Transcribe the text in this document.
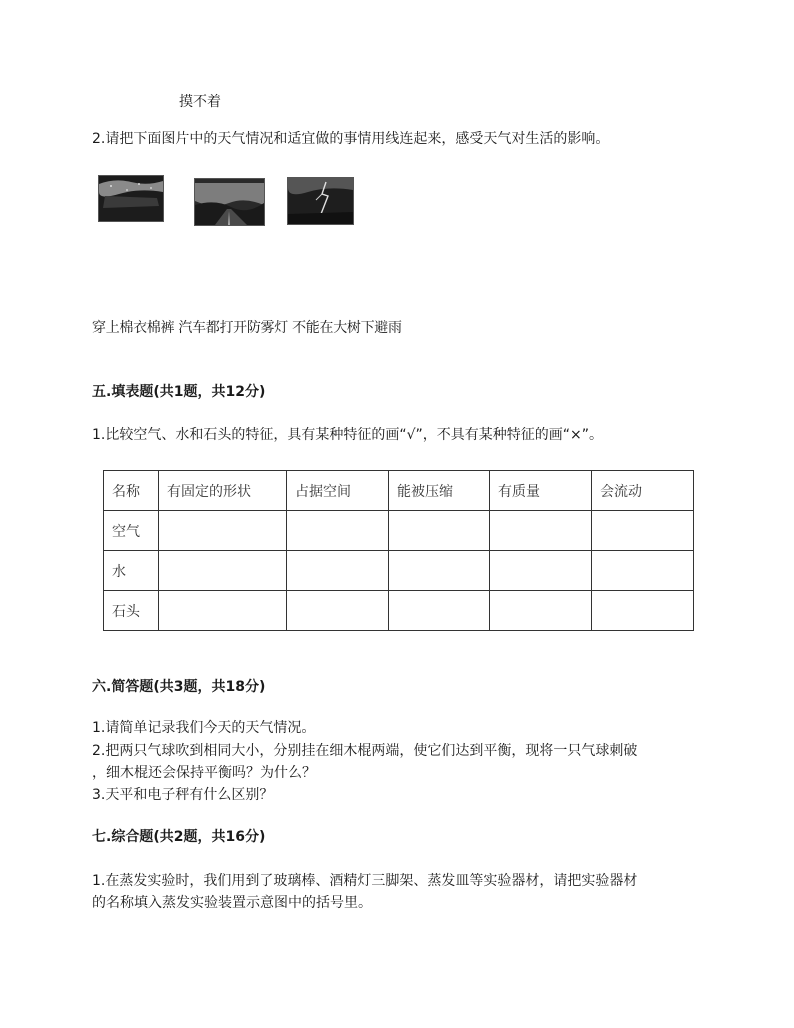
摸不着
2.请把下面图片中的天气情况和适宜做的事情用线连起来，感受天气对生活的影响。
穿上棉衣棉裤 汽车都打开防雾灯 不能在大树下避雨
五.填表题(共1题，共12分)
1.比较空气、水和石头的特征，具有某种特征的画“√”，不具有某种特征的画“×”。
名称	有固定的形状	占据空间	能被压缩	有质量	会流动
空气					
水					
石头					
六.简答题(共3题，共18分)
1.请简单记录我们今天的天气情况。
2.把两只气球吹到相同大小，分别挂在细木棍两端，使它们达到平衡，现将一只气球刺破
，细木棍还会保持平衡吗？为什么？
3.天平和电子秤有什么区别？
七.综合题(共2题，共16分)
1.在蒸发实验时，我们用到了玻璃棒、酒精灯三脚架、蒸发皿等实验器材，请把实验器材
的名称填入蒸发实验装置示意图中的括号里。
